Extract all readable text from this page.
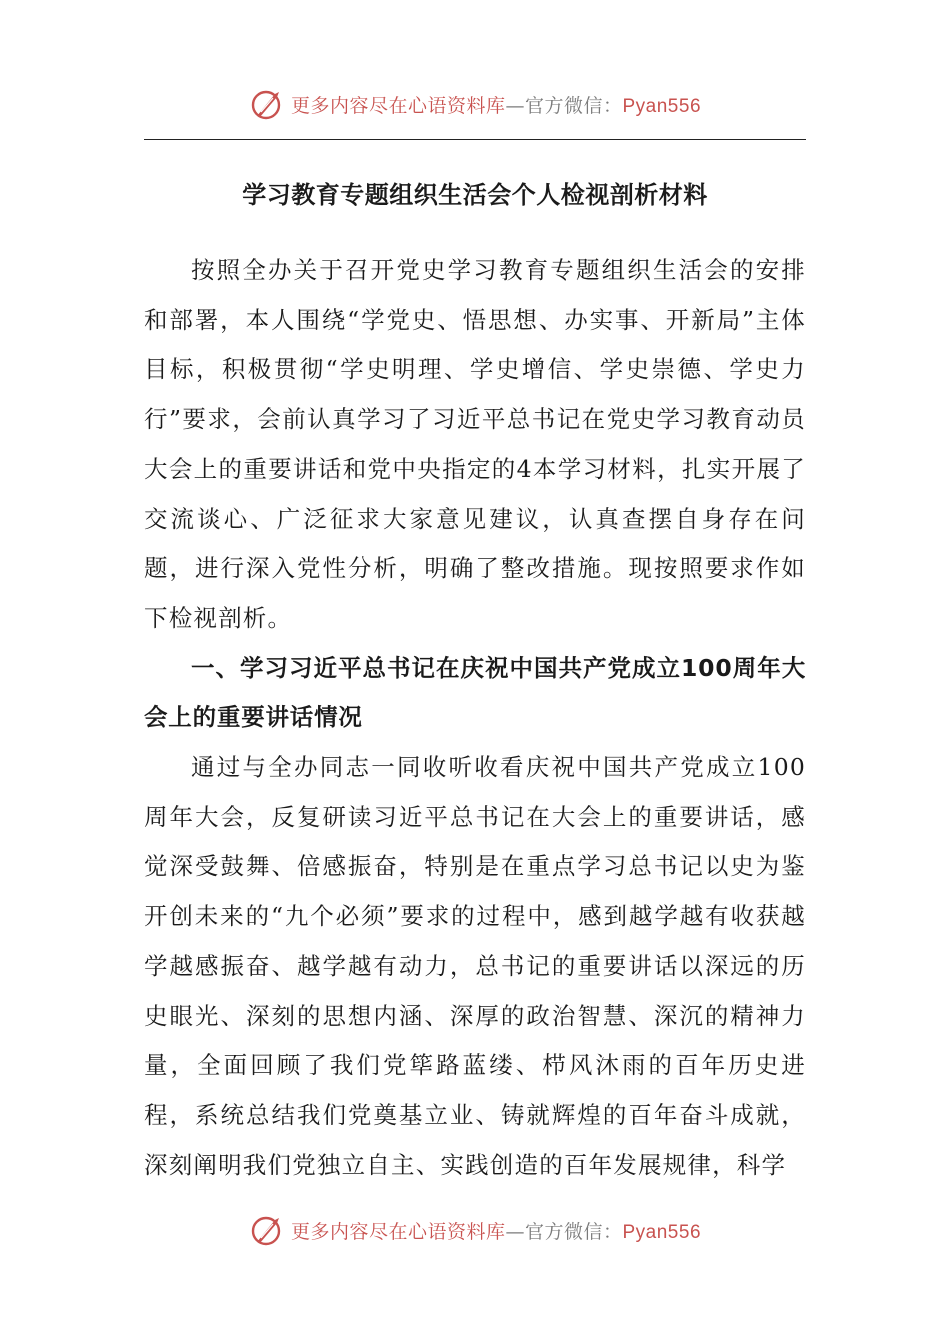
更多内容尽在心语资料库—官方微信：Pyan556
学习教育专题组织生活会个人检视剖析材料

按照全办关于召开党史学习教育专题组织生活会的安排和部署，本人围绕“学党史、悟思想、办实事、开新局”主体目标，积极贯彻“学史明理、学史增信、学史崇德、学史力行”要求，会前认真学习了习近平总书记在党史学习教育动员大会上的重要讲话和党中央指定的4本学习材料，扎实开展了交流谈心、广泛征求大家意见建议，认真查摆自身存在问题，进行深入党性分析，明确了整改措施。现按照要求作如下检视剖析。

一、学习习近平总书记在庆祝中国共产党成立100周年大会上的重要讲话情况

通过与全办同志一同收听收看庆祝中国共产党成立100周年大会，反复研读习近平总书记在大会上的重要讲话，感觉深受鼓舞、倍感振奋，特别是在重点学习总书记以史为鉴开创未来的“九个必须”要求的过程中，感到越学越有收获越学越感振奋、越学越有动力，总书记的重要讲话以深远的历史眼光、深刻的思想内涵、深厚的政治智慧、深沉的精神力量，全面回顾了我们党筚路蓝缕、栉风沐雨的百年历史进程，系统总结我们党奠基立业、铸就辉煌的百年奋斗成就，深刻阐明我们党独立自主、实践创造的百年发展规律，科学

更多内容尽在心语资料库—官方微信：Pyan556
